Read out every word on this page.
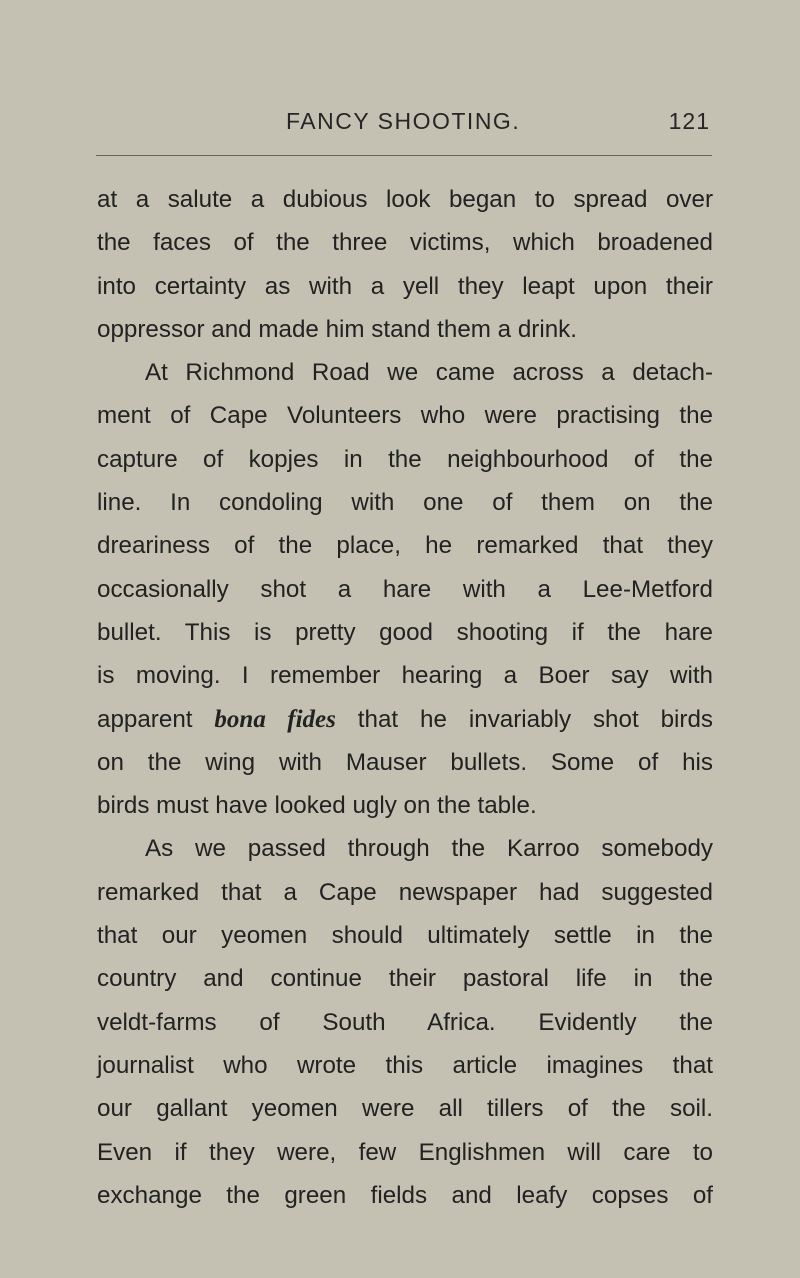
FANCY SHOOTING.	121
at a salute a dubious look began to spread over
the faces of the three victims, which broadened
into certainty as with a yell they leapt upon their
oppressor and made him stand them a drink.
At Richmond Road we came across a detach-
ment of Cape Volunteers who were practising the
capture of kopjes in the neighbourhood of the
line. In condoling with one of them on the
dreariness of the place, he remarked that they
occasionally shot a hare with a Lee-Metford
bullet. This is pretty good shooting if the hare
is moving. I remember hearing a Boer say with
apparent bona fides that he invariably shot birds
on the wing with Mauser bullets. Some of his
birds must have looked ugly on the table.
As we passed through the Karroo somebody
remarked that a Cape newspaper had suggested
that our yeomen should ultimately settle in the
country and continue their pastoral life in the
veldt-farms of South Africa. Evidently the
journalist who wrote this article imagines that
our gallant yeomen were all tillers of the soil.
Even if they were, few Englishmen will care to
exchange the green fields and leafy copses of
